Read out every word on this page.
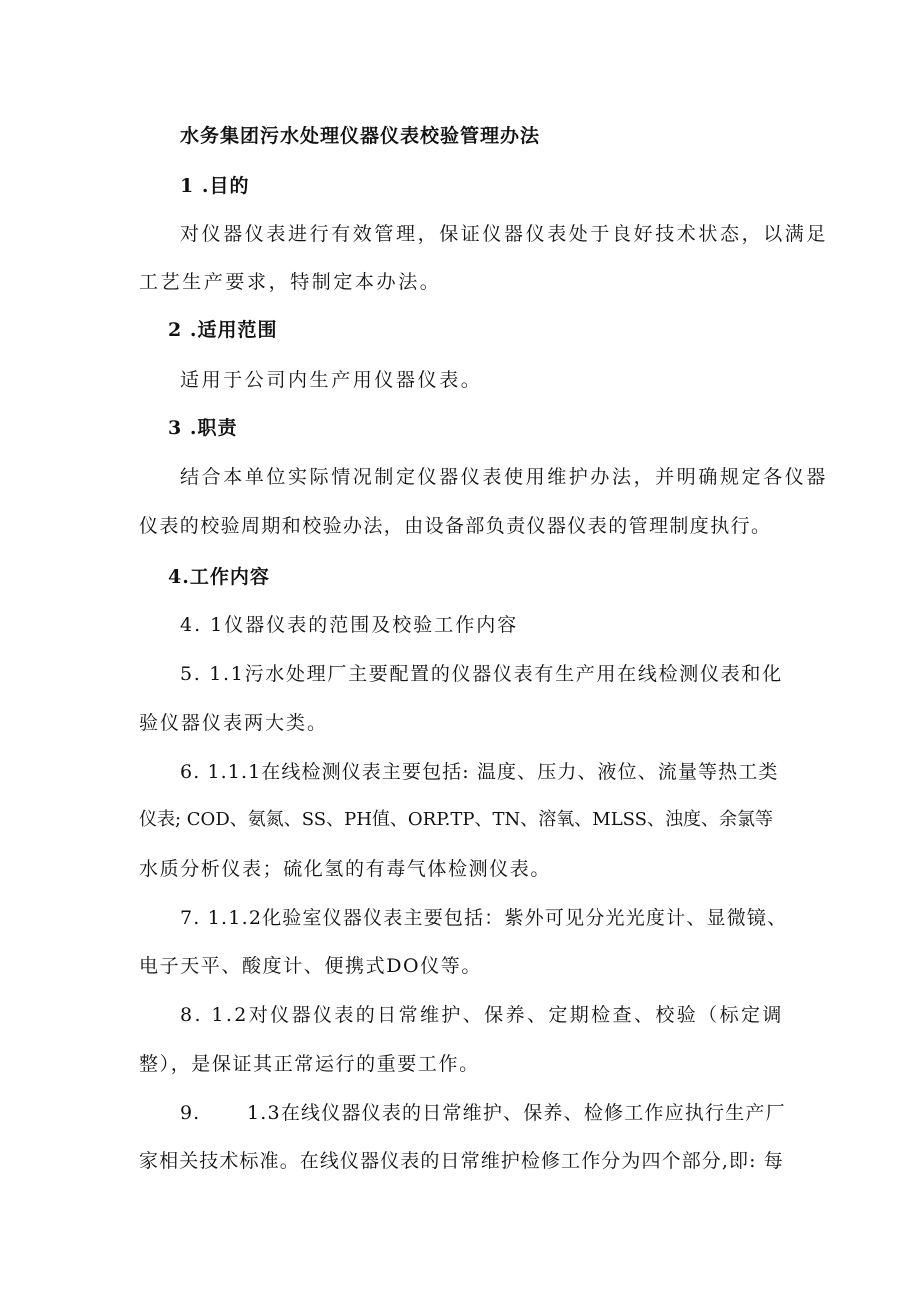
水务集团污水处理仪器仪表校验管理办法
1 .目的
对仪器仪表进行有效管理，保证仪器仪表处于良好技术状态，以满足
工艺生产要求，特制定本办法。
2 .适用范围
适用于公司内生产用仪器仪表。
3 .职责
结合本单位实际情况制定仪器仪表使用维护办法，并明确规定各仪器
仪表的校验周期和校验办法，由设备部负责仪器仪表的管理制度执行。
4.工作内容
4. 1仪器仪表的范围及校验工作内容
5. 1.1污水处理厂主要配置的仪器仪表有生产用在线检测仪表和化
验仪器仪表两大类。
6. 1.1.1在线检测仪表主要包括: 温度、压力、液位、流量等热工类
仪表; COD、氨氮、SS、PH值、ORP.TP、TN、溶氧、MLSS、浊度、余氯等
水质分析仪表；硫化氢的有毒气体检测仪表。
7. 1.1.2化验室仪器仪表主要包括：紫外可见分光光度计、显微镜、
电子天平、酸度计、便携式DO仪等。
8. 1.2对仪器仪表的日常维护、保养、定期检查、校验（标定调
整），是保证其正常运行的重要工作。
9. 1.3在线仪器仪表的日常维护、保养、检修工作应执行生产厂
家相关技术标准。在线仪器仪表的日常维护检修工作分为四个部分,即: 每
